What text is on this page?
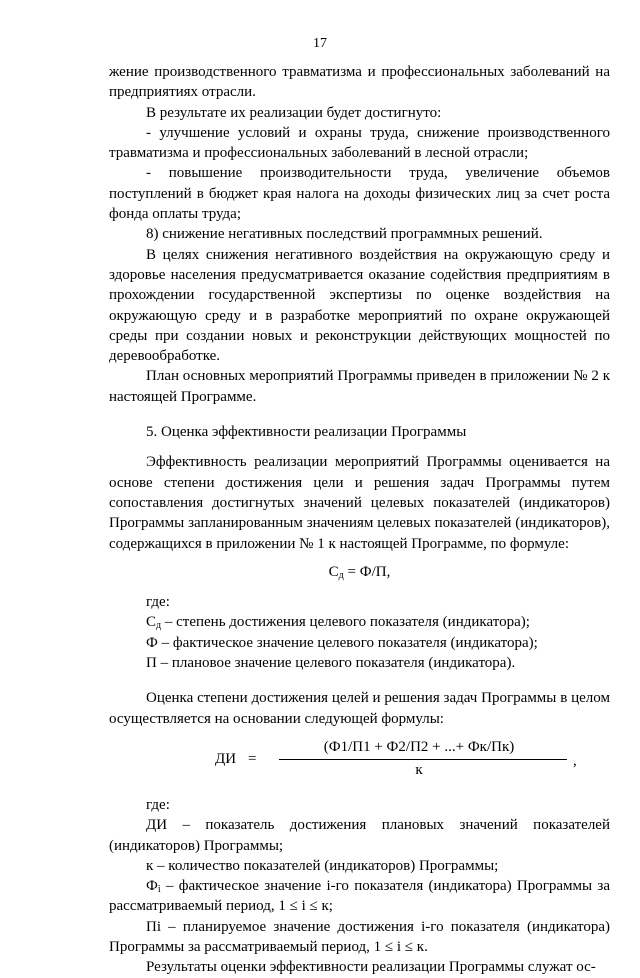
17

жение производственного травматизма и профессиональных заболеваний на предприятиях отрасли.

В результате их реализации будет достигнуто:

- улучшение условий и охраны труда, снижение производственного травматизма и профессиональных заболеваний в лесной отрасли;

- повышение производительности труда, увеличение объемов поступлений в бюджет края налога на доходы физических лиц за счет роста фонда оплаты труда;

8) снижение негативных последствий программных решений.

В целях снижения негативного воздействия на окружающую среду и здоровье населения предусматривается оказание содействия предприятиям в прохождении государственной экспертизы по оценке воздействия на окружающую среду и в разработке мероприятий по охране окружающей среды при создании новых и реконструкции действующих мощностей по деревообработке.

План основных мероприятий Программы приведен в приложении № 2 к настоящей Программе.

5. Оценка эффективности реализации Программы

Эффективность реализации мероприятий Программы оценивается на основе степени достижения цели и решения задач Программы путем сопоставления достигнутых значений целевых показателей (индикаторов) Программы запланированным значениям целевых показателей (индикаторов), содержащихся в приложении № 1 к настоящей Программе, по формуле:

$С_д = Ф/П$,

где:

$С_д$ – степень достижения целевого показателя (индикатора);

Ф – фактическое значение целевого показателя (индикатора);

П – плановое значение целевого показателя (индикатора).

Оценка степени достижения целей и решения задач Программы в целом осуществляется на основании следующей формулы:

ДИ =
(Ф1/П1 + Ф2/П2 + ...+ Фк/Пк)
к
,

где:

ДИ – показатель достижения плановых значений показателей (индикаторов) Программы;

к – количество показателей (индикаторов) Программы;

$Ф_i$ – фактическое значение i-го показателя (индикатора) Программы за рассматриваемый период, 1 ≤ i ≤ к;

Пi – планируемое значение достижения i-го показателя (индикатора) Программы за рассматриваемый период, 1 ≤ i ≤ к.

Результаты оценки эффективности реализации Программы служат ос-
